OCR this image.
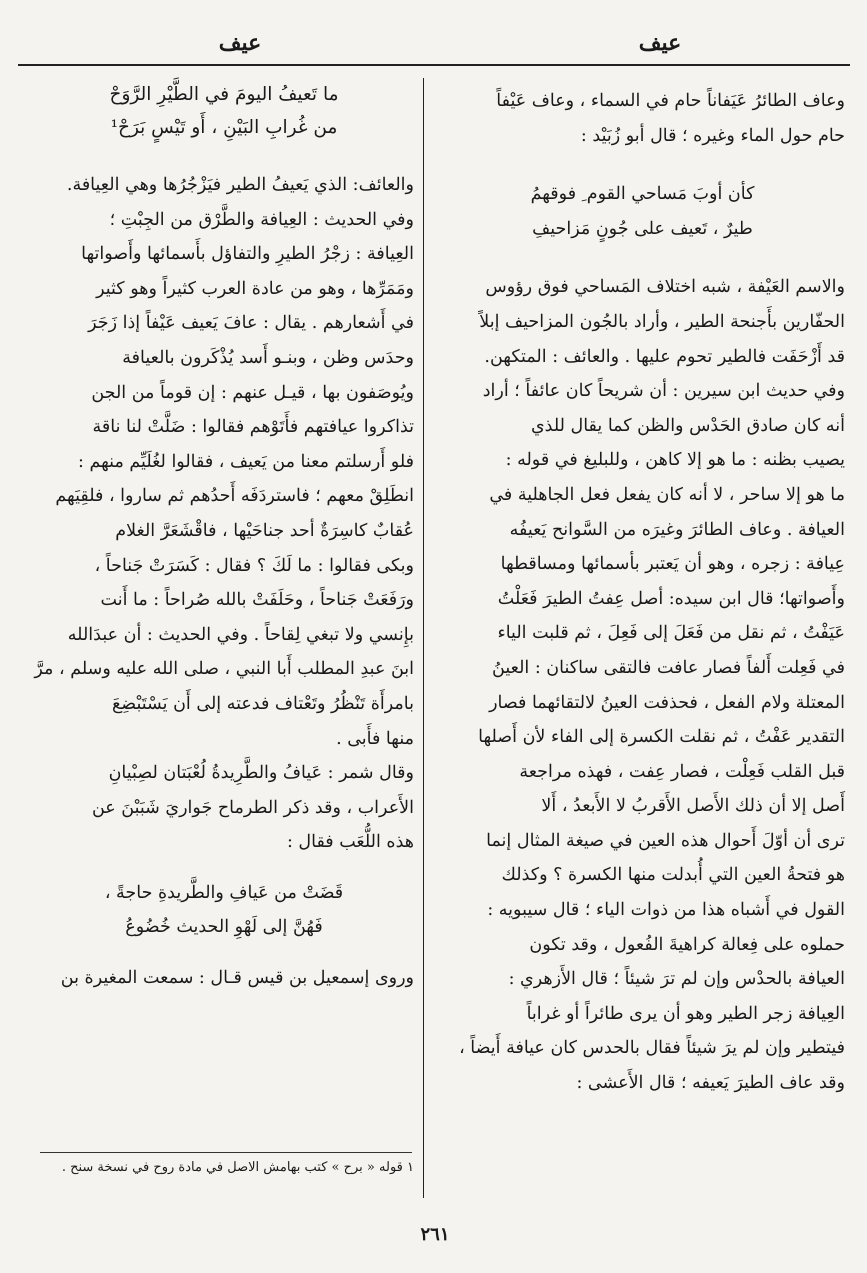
عيف
عيف

وعاف الطائرُ عَيَفاناً حام في السماء ، وعاف عَيْفاً

حام حول الماء وغيره ؛ قال أبو زُبَيْد :

كأن أوبَ مَساحي القوم ِ فوقهمُ

طيرٌ ، تَعيف على جُونٍ مَزاحيفِ

والاسم العَيْفة ، شبه اختلاف المَساحي فوق رؤوس

الحفّارين بأَجنحة الطير ، وأراد بالجُون المزاحيف إبلاً

قد أَزْحَفَت فالطير تحوم عليها . والعائف : المتكهن.

وفي حديث ابن سيرين : أن شريحاً كان عائفاً ؛ أراد

أنه كان صادق الحَدْس والظن كما يقال للذي

يصيب بظنه : ما هو إلا كاهن ، وللبليغ في قوله :

ما هو إلا ساحر ، لا أنه كان يفعل فعل الجاهلية في

العيافة . وعاف الطائرَ وغيرَه من السَّوانح يَعيفُه

عِيافة : زجره ، وهو أن يَعتبر بأسمائها ومساقطها

وأَصواتها؛ قال ابن سيده: أصل عِفتُ الطيرَ فَعَلْتُ

عَيَفْتُ ، ثم نقل من فَعَلَ إلى فَعِلَ ، ثم قلبت الياء

في فَعِلت أَلفاً فصار عافت فالتقى ساكنان : العينُ

المعتلة ولام الفعل ، فحذفت العينُ لالتقائهما فصار

التقدير عَفْتُ ، ثم نقلت الكسرة إلى الفاء لأن أَصلها

قبل القلب فَعِلْت ، فصار عِفت ، فهذه مراجعة

أَصل إلا أن ذلك الأَصل الأَقربُ لا الأَبعدُ ، أَلا

ترى أن أوّلَ أَحوال هذه العين في صيغة المثال إنما

هو فتحةُ العين التي أُبدلت منها الكسرة ؟ وكذلك

القول في أَشباه هذا من ذوات الياء ؛ قال سيبويه :

حملوه على فِعالة كراهيةَ الفُعول ، وقد تكون

العيافة بالحدْس وإن لم ترَ شيئاً ؛ قال الأَزهري :

العِيافة زجر الطير وهو أن يرى طائراً أو غراباً

فيتطير وإن لم يرَ شيئاً فقال بالحدس كان عيافة أَيضاً ،

وقد عاف الطيرَ يَعيفه ؛ قال الأَعشى :

ما تَعيفُ اليومَ في الطَّيْرِ الرَّوَحْ

من غُرابِ البَيْنِ ، أَو تَيْسٍ بَرَحْ¹

والعائف: الذي يَعيفُ الطير فيَزْجُرُها وهي العِيافة.

وفي الحديث : العِيافة والطَّرْق من الجِبْتِ ؛

العِيافة : زجْرُ الطيرِ والتفاؤل بأَسمائها وأَصواتها

ومَمَرِّها ، وهو من عادة العرب كثيراً وهو كثير

في أَشعارهم . يقال : عافَ يَعيف عَيْفاً إذا زَجَرَ

وحدَس وظن ، وبنـو أَسد يُذْكَرون بالعيافة

ويُوصَفون بها ، قيـل عنهم : إن قوماً من الجن

تذاكروا عيافتهم فأَتَوْهم فقالوا : ضَلَّتْ لنا ناقة

فلو أَرسلتم معنا من يَعيف ، فقالوا لغُلَيِّم منهم :

انطَلِقْ معهم ؛ فاستردَفَه أَحدُهم ثم ساروا ، فلقِيَهم

عُقابٌ كاسِرَةٌ أحد جناحَيْها ، فاقْشَعَرَّ الغلام

وبكى فقالوا : ما لَكَ ؟ فقال : كَسَرَتْ جَناحاً ،

ورَفَعَتْ جَناحاً ، وحَلَفَتْ بالله صُراحاً : ما أَنت

بإِنسي ولا تبغي لِقاحاً . وفي الحديث : أن عبدَالله

ابنَ عبدِ المطلب أَبا النبي ، صلى الله عليه وسلم ، مرَّ

بامرأَة تَنْظُرُ وتَعْتاف فدعته إلى أَن يَسْتَبْضِعَ

منها فأَبى .

وقال شمر : عَيافُ والطَّرِيدةُ لُعْبَتان لصِبْيانِ

الأَعراب ، وقد ذكر الطرماح جَواريَ شَبَبْنَ عن

هذه اللُّعَب فقال :

قَضَتْ من عَيافِ والطَّريدةِ حاجةً ،

فَهُنَّ إلى لَهْوِ الحديث خُضُوعُ

وروى إسمعيل بن قيس قـال : سمعت المغيرة بن

١ قوله « برح » كتب بهامش الاصل في مادة روح في نسخة سنح .
٢٦١
